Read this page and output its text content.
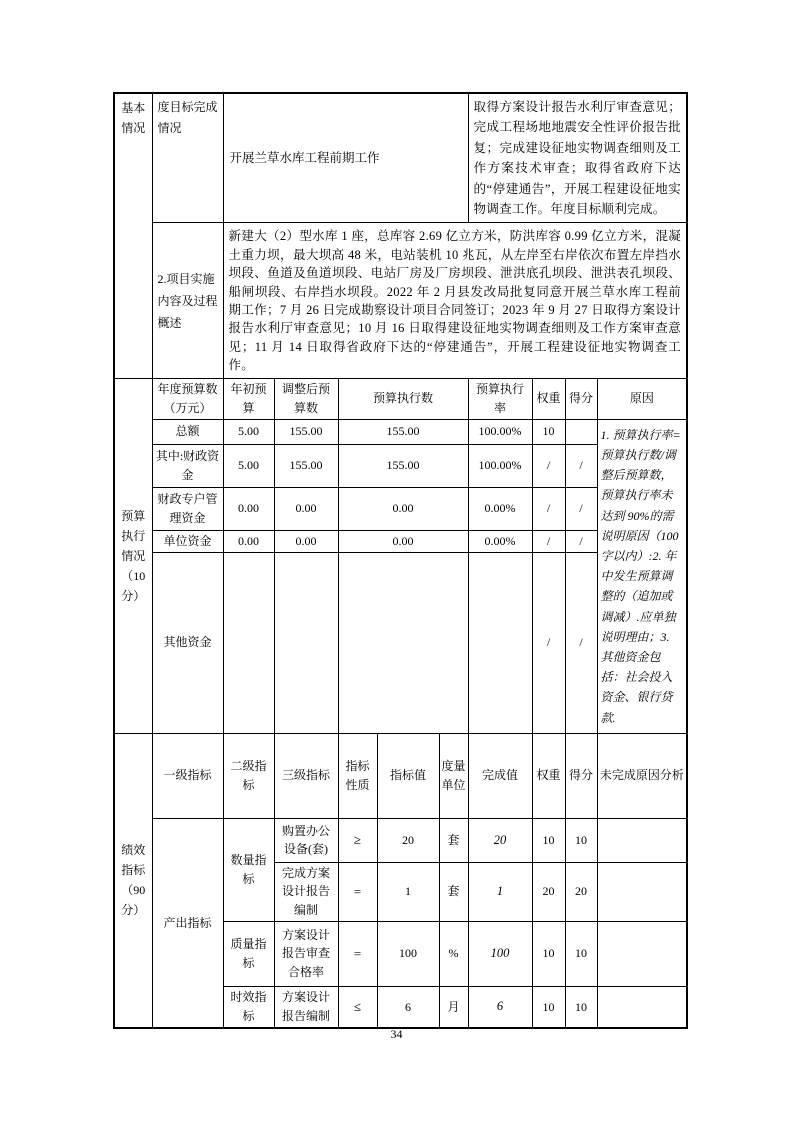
基本情况	度目标完成情况	开展兰草水库工程前期工作					取得方案设计报告水利厅审查意见；完成工程场地地震安全性评价报告批复；完成建设征地实物调查细则及工作方案技术审查；取得省政府下达的“停建通告”，开展工程建设征地实物调查工作。年度目标顺利完成。			
	2.项目实施内容及过程概述	新建大（2）型水库 1 座，总库容 2.69 亿立方米，防洪库容 0.99 亿立方米，混凝土重力坝，最大坝高 48 米，电站装机 10 兆瓦，从左岸至右岸依次布置左岸挡水坝段、鱼道及鱼道坝段、电站厂房及厂房坝段、泄洪底孔坝段、泄洪表孔坝段、船闸坝段、右岸挡水坝段。2022 年 2 月县发改局批复同意开展兰草水库工程前期工作；7 月 26 日完成勘察设计项目合同签订；2023 年 9 月 27 日取得方案设计报告水利厅审查意见；10 月 16 日取得建设征地实物调查细则及工作方案审查意见；11 月 14 日取得省政府下达的“停建通告”，开展工程建设征地实物调查工作。								
预算执行情况（10分）	年度预算数（万元）	年初预算	调整后预算数	预算执行数			预算执行率	权重	得分	原因
	总额	5.00	155.00	155.00			100.00%	10		1. 预算执行率=预算执行数/调整后预算数，预算执行率未达到 90%的需说明原因（100 字以内）:2. 年中发生预算调整的（追加或调减）.应单独说明理由；3. 其他资金包括：社会投入资金、银行贷款.
	其中:财政资金	5.00	155.00	155.00			100.00%	/	/	
	财政专户管理资金	0.00	0.00	0.00			0.00%	/	/	
	单位资金	0.00	0.00	0.00			0.00%	/	/	
	其他资金							/	/	
绩效指标（90分）	一级指标	二级指标	三级指标	指标性质	指标值	度量单位	完成值	权重	得分	未完成原因分析
	产出指标	数量指标	购置办公设备(套)	≥	20	套	20	10	10	
			完成方案设计报告编制	=	1	套	1	20	20	
		质量指标	方案设计报告审查合格率	=	100	%	100	10	10	
		时效指标	方案设计报告编制	≤	6	月	6	10	10	
34
